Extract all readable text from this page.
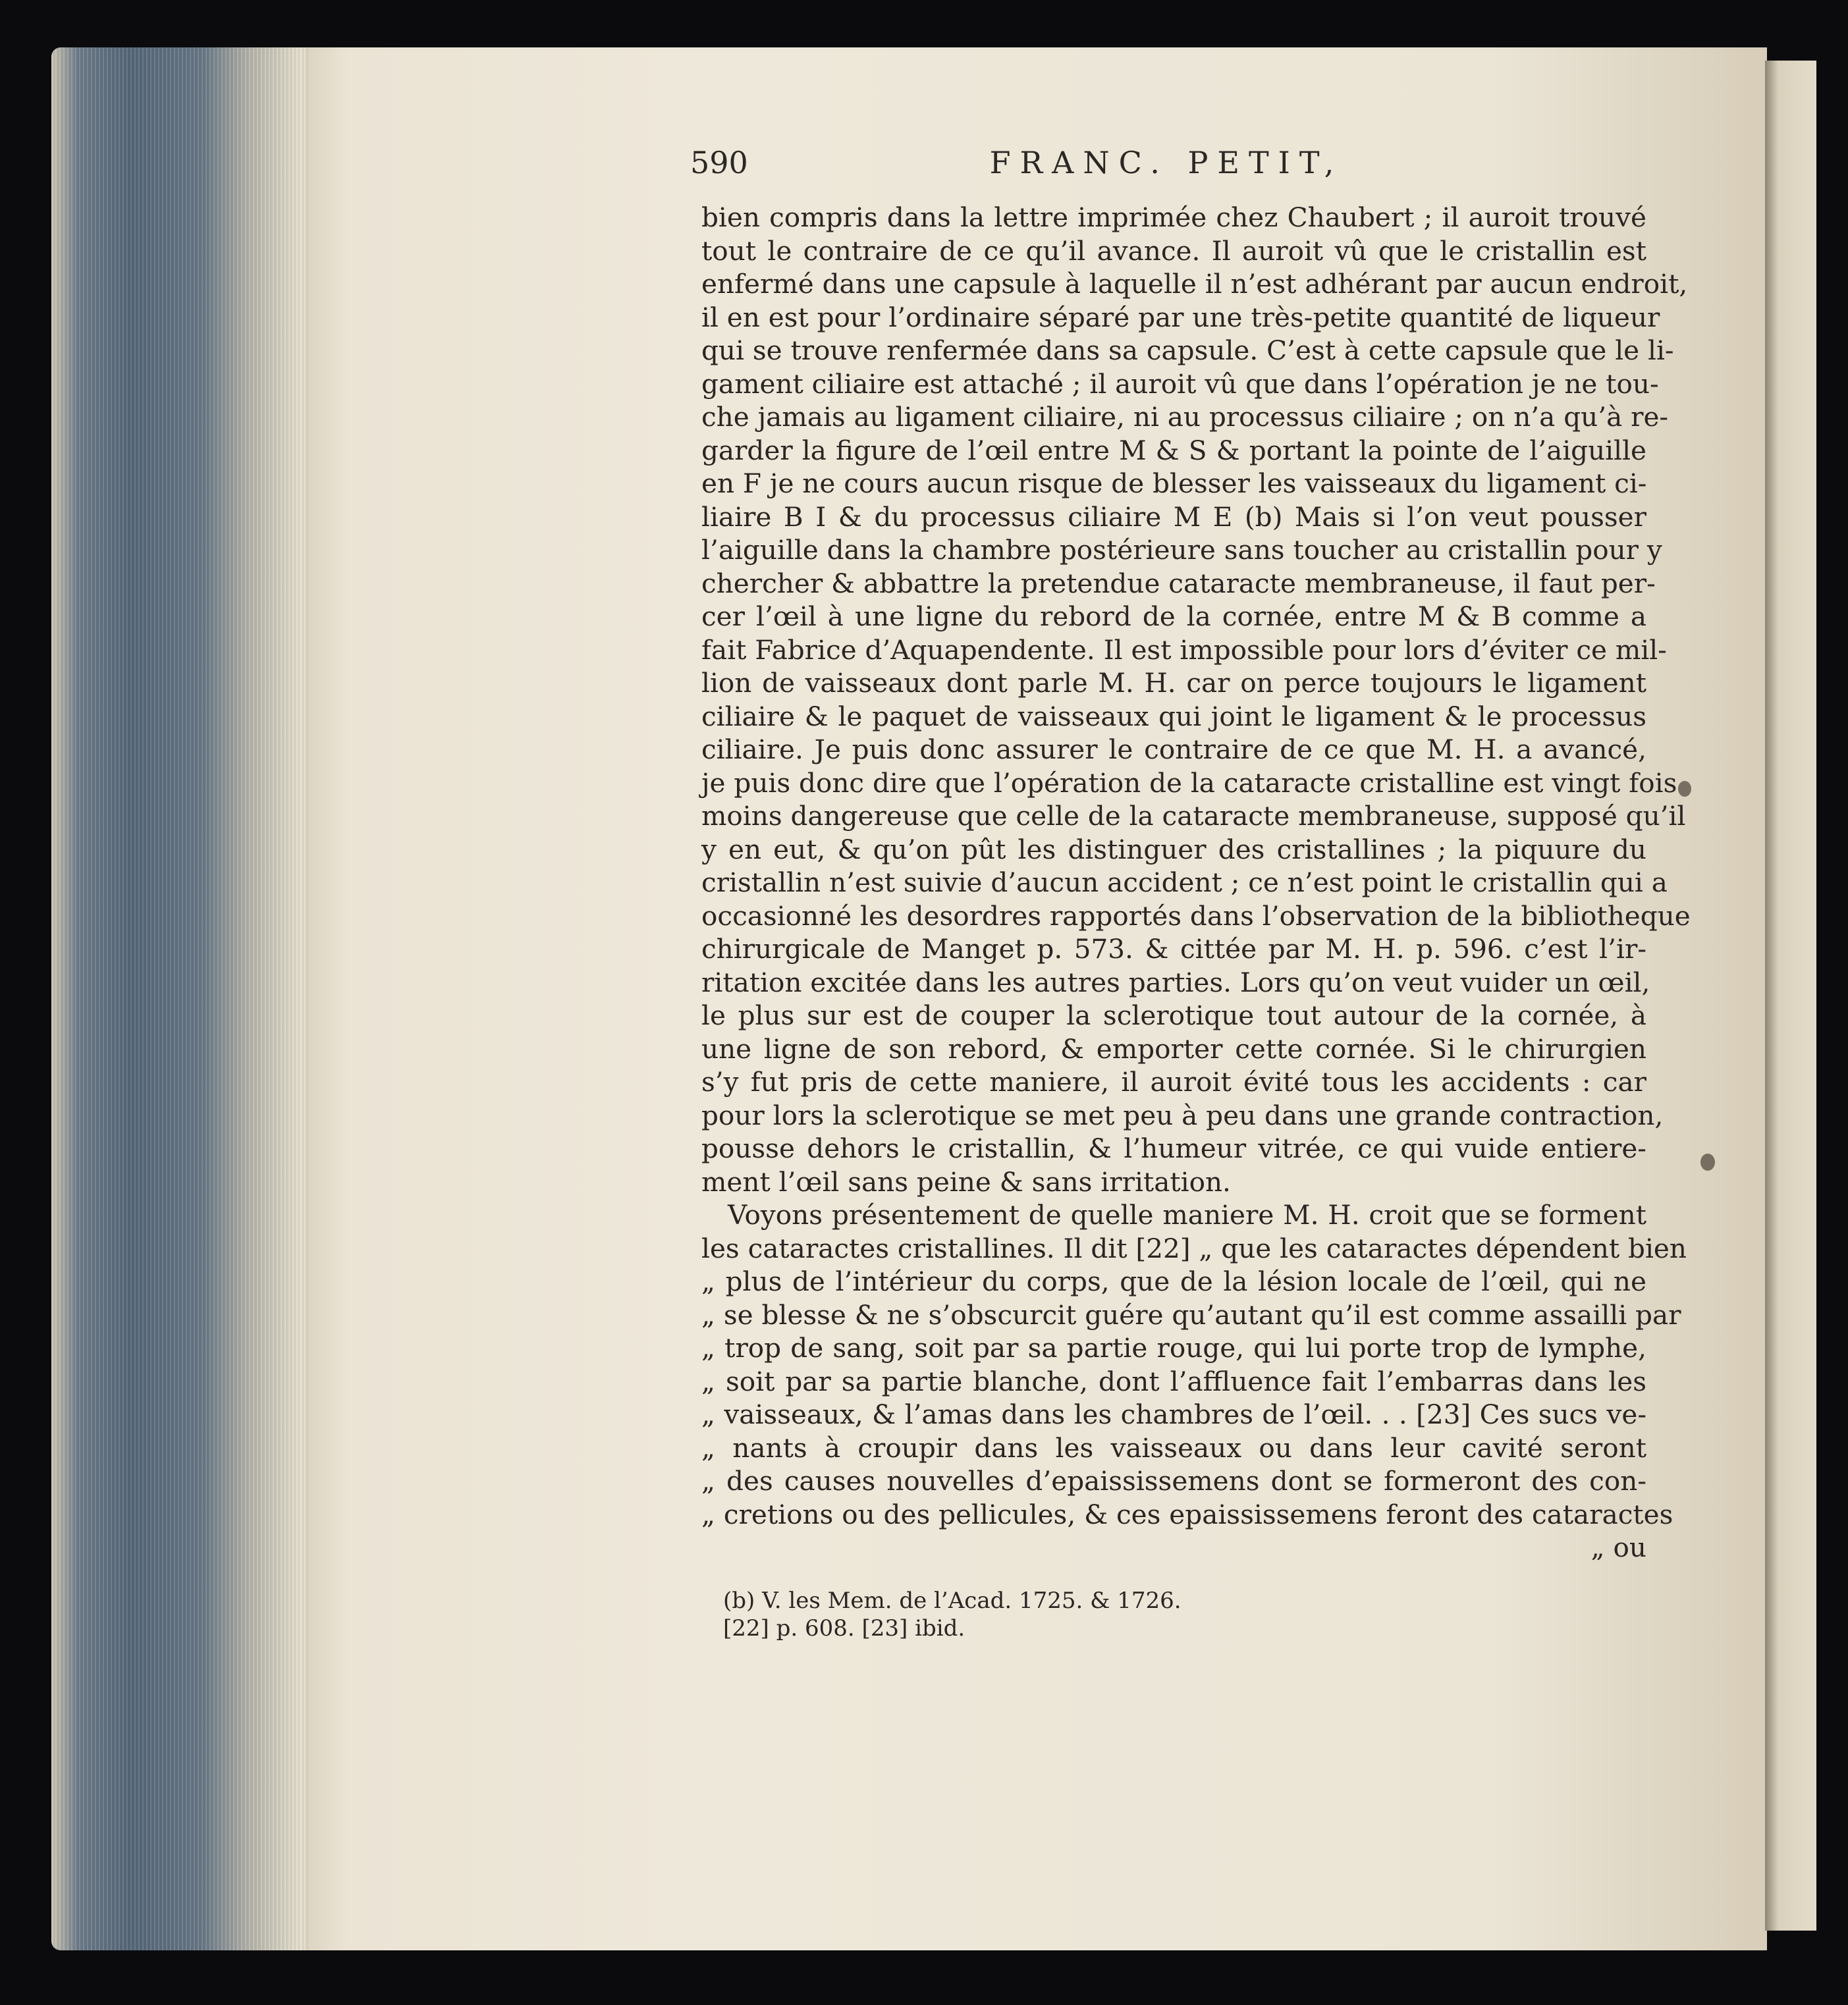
590	FRANC. PETIT,
bien compris dans la lettre imprimée chez Chaubert ; il auroit trouvé
tout le contraire de ce qu’il avance. Il auroit vû que le cristallin est
enfermé dans une capsule à laquelle il n’est adhérant par aucun endroit,
il en est pour l’ordinaire séparé par une très-petite quantité de liqueur
qui se trouve renfermée dans sa capsule. C’est à cette capsule que le li-
gament ciliaire est attaché ; il auroit vû que dans l’opération je ne tou-
che jamais au ligament ciliaire, ni au processus ciliaire ; on n’a qu’à re-
garder la figure de l’œil entre M & S & portant la pointe de l’aiguille
en F je ne cours aucun risque de blesser les vaisseaux du ligament ci-
liaire B I & du processus ciliaire M E (b) Mais si l’on veut pousser
l’aiguille dans la chambre postérieure sans toucher au cristallin pour y
chercher & abbattre la pretendue cataracte membraneuse, il faut per-
cer l’œil à une ligne du rebord de la cornée, entre M & B comme a
fait Fabrice d’Aquapendente. Il est impossible pour lors d’éviter ce mil-
lion de vaisseaux dont parle M. H. car on perce toujours le ligament
ciliaire & le paquet de vaisseaux qui joint le ligament & le processus
ciliaire. Je puis donc assurer le contraire de ce que M. H. a avancé,
je puis donc dire que l’opération de la cataracte cristalline est vingt fois
moins dangereuse que celle de la cataracte membraneuse, supposé qu’il
y en eut, & qu’on pût les distinguer des cristallines ; la piquure du
cristallin n’est suivie d’aucun accident ; ce n’est point le cristallin qui a
occasionné les desordres rapportés dans l’observation de la bibliotheque
chirurgicale de Manget p. 573. & cittée par M. H. p. 596. c’est l’ir-
ritation excitée dans les autres parties. Lors qu’on veut vuider un œil,
le plus sur est de couper la sclerotique tout autour de la cornée, à
une ligne de son rebord, & emporter cette cornée. Si le chirurgien
s’y fut pris de cette maniere, il auroit évité tous les accidents : car
pour lors la sclerotique se met peu à peu dans une grande contraction,
pousse dehors le cristallin, & l’humeur vitrée, ce qui vuide entiere-
ment l’œil sans peine & sans irritation.
Voyons présentement de quelle maniere M. H. croit que se forment
les cataractes cristallines. Il dit [22] „ que les cataractes dépendent bien
„ plus de l’intérieur du corps, que de la lésion locale de l’œil, qui ne
„ se blesse & ne s’obscurcit guére qu’autant qu’il est comme assailli par
„ trop de sang, soit par sa partie rouge, qui lui porte trop de lymphe,
„ soit par sa partie blanche, dont l’affluence fait l’embarras dans les
„ vaisseaux, & l’amas dans les chambres de l’œil. . . [23] Ces sucs ve-
„ nants à croupir dans les vaisseaux ou dans leur cavité seront
„ des causes nouvelles d’epaississemens dont se formeront des con-
„ cretions ou des pellicules, & ces epaississemens feront des cataractes
„ ou
(b) V. les Mem. de l’Acad. 1725. & 1726.
[22] p. 608. [23] ibid.
